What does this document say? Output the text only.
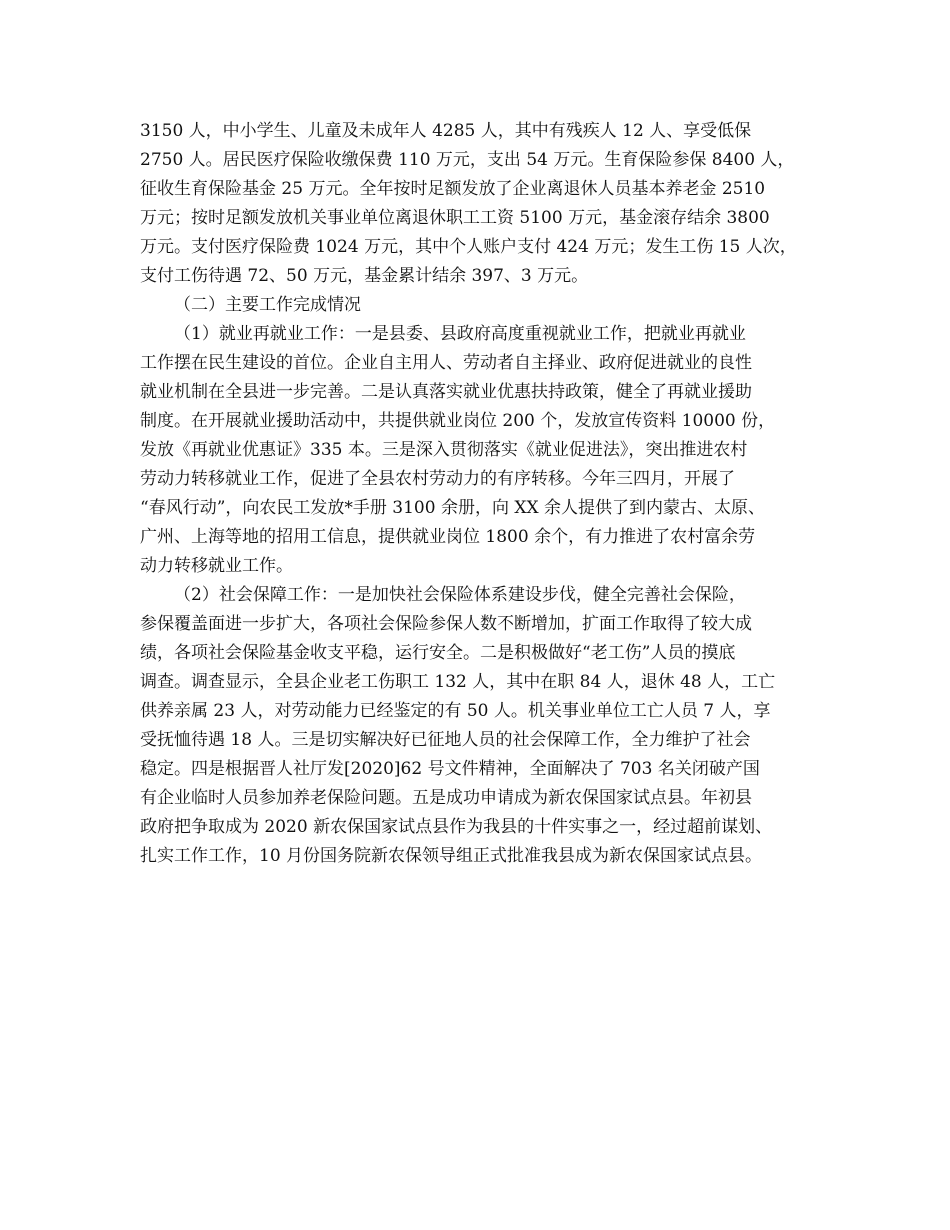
3150 人，中小学生、儿童及未成年人 4285 人，其中有残疾人 12 人、享受低保
2750 人。居民医疗保险收缴保费 110 万元，支出 54 万元。生育保险参保 8400 人，
征收生育保险基金 25 万元。全年按时足额发放了企业离退休人员基本养老金 2510
万元；按时足额发放机关事业单位离退休职工工资 5100 万元，基金滚存结余 3800
万元。支付医疗保险费 1024 万元，其中个人账户支付 424 万元；发生工伤 15 人次，
支付工伤待遇 72、50 万元，基金累计结余 397、3 万元。
（二）主要工作完成情况
（1）就业再就业工作：一是县委、县政府高度重视就业工作，把就业再就业
工作摆在民生建设的首位。企业自主用人、劳动者自主择业、政府促进就业的良性
就业机制在全县进一步完善。二是认真落实就业优惠扶持政策，健全了再就业援助
制度。在开展就业援助活动中，共提供就业岗位 200 个，发放宣传资料 10000 份，
发放《再就业优惠证》335 本。三是深入贯彻落实《就业促进法》，突出推进农村
劳动力转移就业工作，促进了全县农村劳动力的有序转移。今年三四月，开展了
“春风行动”，向农民工发放*手册 3100 余册，向 XX 余人提供了到内蒙古、太原、
广州、上海等地的招用工信息，提供就业岗位 1800 余个，有力推进了农村富余劳
动力转移就业工作。
（2）社会保障工作：一是加快社会保险体系建设步伐，健全完善社会保险，
参保覆盖面进一步扩大，各项社会保险参保人数不断增加，扩面工作取得了较大成
绩，各项社会保险基金收支平稳，运行安全。二是积极做好“老工伤”人员的摸底
调查。调查显示，全县企业老工伤职工 132 人，其中在职 84 人，退休 48 人，工亡
供养亲属 23 人，对劳动能力已经鉴定的有 50 人。机关事业单位工亡人员 7 人，享
受抚恤待遇 18 人。三是切实解决好已征地人员的社会保障工作，全力维护了社会
稳定。四是根据晋人社厅发[2020]62 号文件精神，全面解决了 703 名关闭破产国
有企业临时人员参加养老保险问题。五是成功申请成为新农保国家试点县。年初县
政府把争取成为 2020 新农保国家试点县作为我县的十件实事之一，经过超前谋划、
扎实工作工作，10 月份国务院新农保领导组正式批准我县成为新农保国家试点县。
